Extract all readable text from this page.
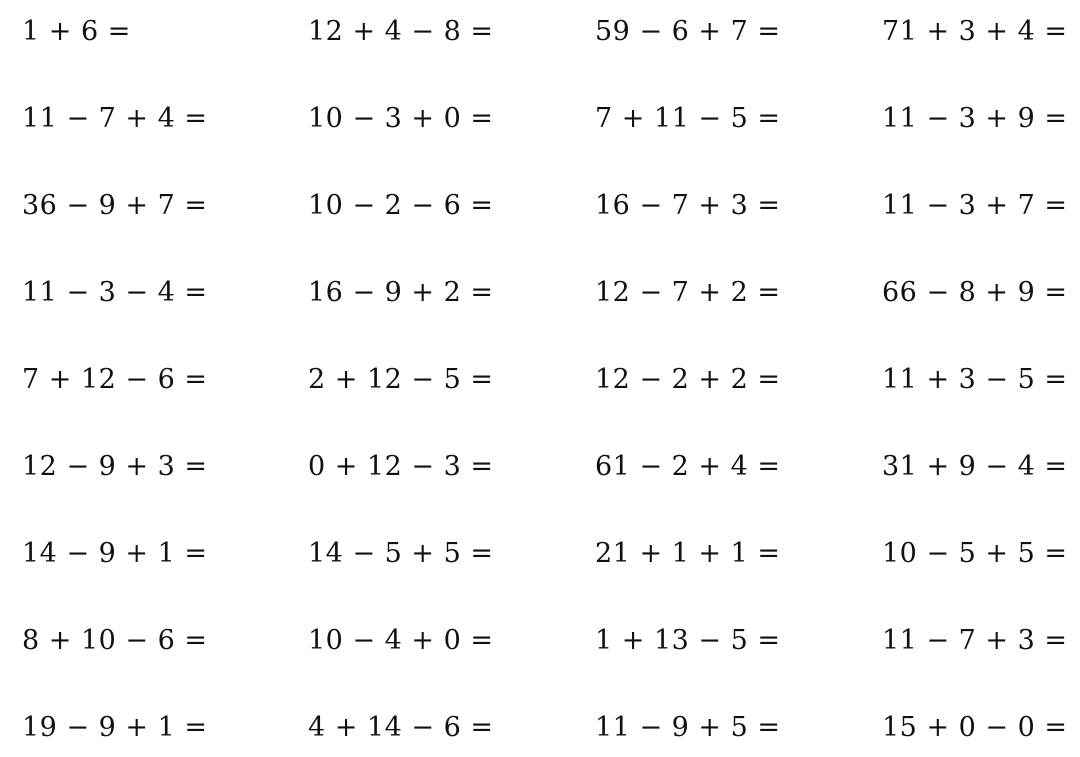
1 + 6 =	12 + 4 − 8 =	59 − 6 + 7 =	71 + 3 + 4 =
11 − 7 + 4 =	10 − 3 + 0 =	7 + 11 − 5 =	11 − 3 + 9 =
36 − 9 + 7 =	10 − 2 − 6 =	16 − 7 + 3 =	11 − 3 + 7 =
11 − 3 − 4 =	16 − 9 + 2 =	12 − 7 + 2 =	66 − 8 + 9 =
7 + 12 − 6 =	2 + 12 − 5 =	12 − 2 + 2 =	11 + 3 − 5 =
12 − 9 + 3 =	0 + 12 − 3 =	61 − 2 + 4 =	31 + 9 − 4 =
14 − 9 + 1 =	14 − 5 + 5 =	21 + 1 + 1 =	10 − 5 + 5 =
8 + 10 − 6 =	10 − 4 + 0 =	1 + 13 − 5 =	11 − 7 + 3 =
19 − 9 + 1 =	4 + 14 − 6 =	11 − 9 + 5 =	15 + 0 − 0 =
